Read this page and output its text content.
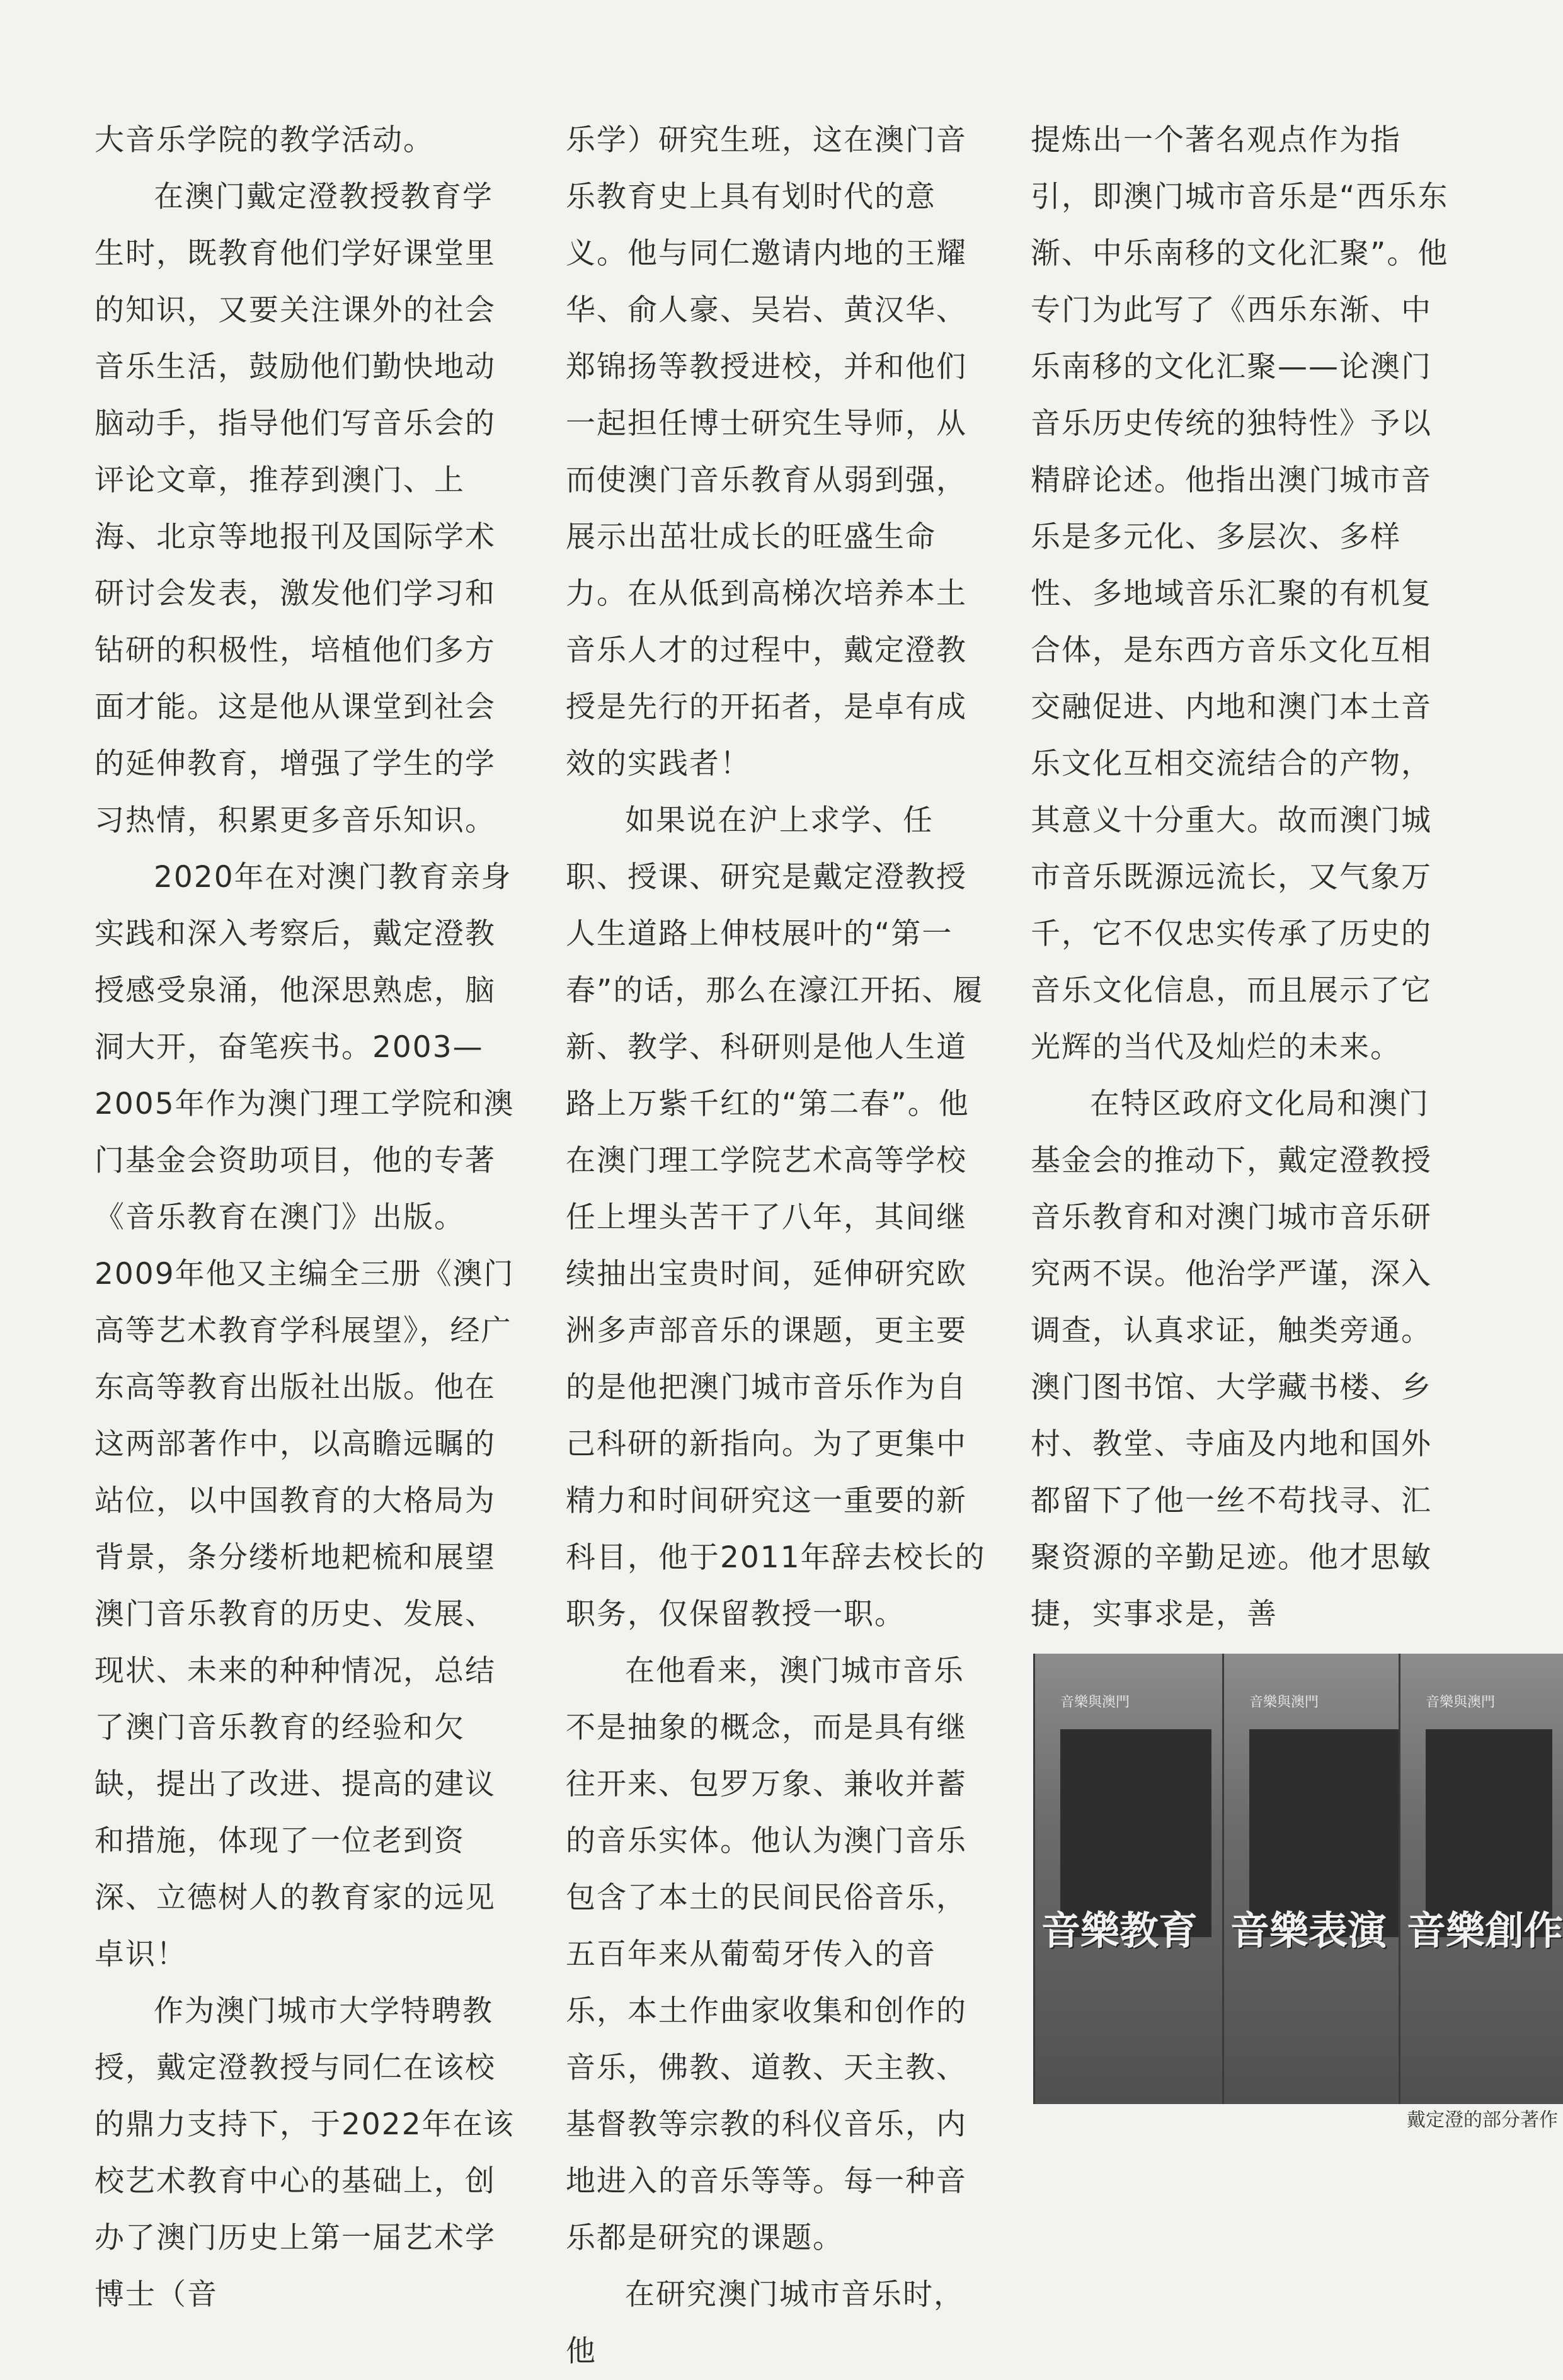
大音乐学院的教学活动。

在澳门戴定澄教授教育学生时，既教育他们学好课堂里的知识，又要关注课外的社会音乐生活，鼓励他们勤快地动脑动手，指导他们写音乐会的评论文章，推荐到澳门、上海、北京等地报刊及国际学术研讨会发表，激发他们学习和钻研的积极性，培植他们多方面才能。这是他从课堂到社会的延伸教育，增强了学生的学习热情，积累更多音乐知识。

2020年在对澳门教育亲身实践和深入考察后，戴定澄教授感受泉涌，他深思熟虑，脑洞大开，奋笔疾书。2003—2005年作为澳门理工学院和澳门基金会资助项目，他的专著《音乐教育在澳门》出版。2009年他又主编全三册《澳门高等艺术教育学科展望》，经广东高等教育出版社出版。他在这两部著作中，以高瞻远瞩的站位，以中国教育的大格局为背景，条分缕析地耙梳和展望澳门音乐教育的历史、发展、现状、未来的种种情况，总结了澳门音乐教育的经验和欠缺，提出了改进、提高的建议和措施，体现了一位老到资深、立德树人的教育家的远见卓识！

作为澳门城市大学特聘教授，戴定澄教授与同仁在该校的鼎力支持下，于2022年在该校艺术教育中心的基础上，创办了澳门历史上第一届艺术学博士（音

乐学）研究生班，这在澳门音乐教育史上具有划时代的意义。他与同仁邀请内地的王耀华、俞人豪、吴岩、黄汉华、郑锦扬等教授进校，并和他们一起担任博士研究生导师，从而使澳门音乐教育从弱到强，展示出茁壮成长的旺盛生命力。在从低到高梯次培养本土音乐人才的过程中，戴定澄教授是先行的开拓者，是卓有成效的实践者！

如果说在沪上求学、任职、授课、研究是戴定澄教授人生道路上伸枝展叶的“第一春”的话，那么在濠江开拓、履新、教学、科研则是他人生道路上万紫千红的“第二春”。他在澳门理工学院艺术高等学校任上埋头苦干了八年，其间继续抽出宝贵时间，延伸研究欧洲多声部音乐的课题，更主要的是他把澳门城市音乐作为自己科研的新指向。为了更集中精力和时间研究这一重要的新科目，他于2011年辞去校长的职务，仅保留教授一职。

在他看来，澳门城市音乐不是抽象的概念，而是具有继往开来、包罗万象、兼收并蓄的音乐实体。他认为澳门音乐包含了本土的民间民俗音乐，五百年来从葡萄牙传入的音乐，本土作曲家收集和创作的音乐，佛教、道教、天主教、基督教等宗教的科仪音乐，内地进入的音乐等等。每一种音乐都是研究的课题。

在研究澳门城市音乐时，他

提炼出一个著名观点作为指引，即澳门城市音乐是“西乐东渐、中乐南移的文化汇聚”。他专门为此写了《西乐东渐、中乐南移的文化汇聚——论澳门音乐历史传统的独特性》予以精辟论述。他指出澳门城市音乐是多元化、多层次、多样性、多地域音乐汇聚的有机复合体，是东西方音乐文化互相交融促进、内地和澳门本土音乐文化互相交流结合的产物，其意义十分重大。故而澳门城市音乐既源远流长，又气象万千，它不仅忠实传承了历史的音乐文化信息，而且展示了它光辉的当代及灿烂的未来。

在特区政府文化局和澳门基金会的推动下，戴定澄教授音乐教育和对澳门城市音乐研究两不误。他治学严谨，深入调查，认真求证，触类旁通。澳门图书馆、大学藏书楼、乡村、教堂、寺庙及内地和国外都留下了他一丝不苟找寻、汇聚资源的辛勤足迹。他才思敏捷，实事求是，善

音樂與澳門
音樂教育
音樂與澳門
音樂表演
音樂與澳門
音樂創作
戴定澄的部分著作
